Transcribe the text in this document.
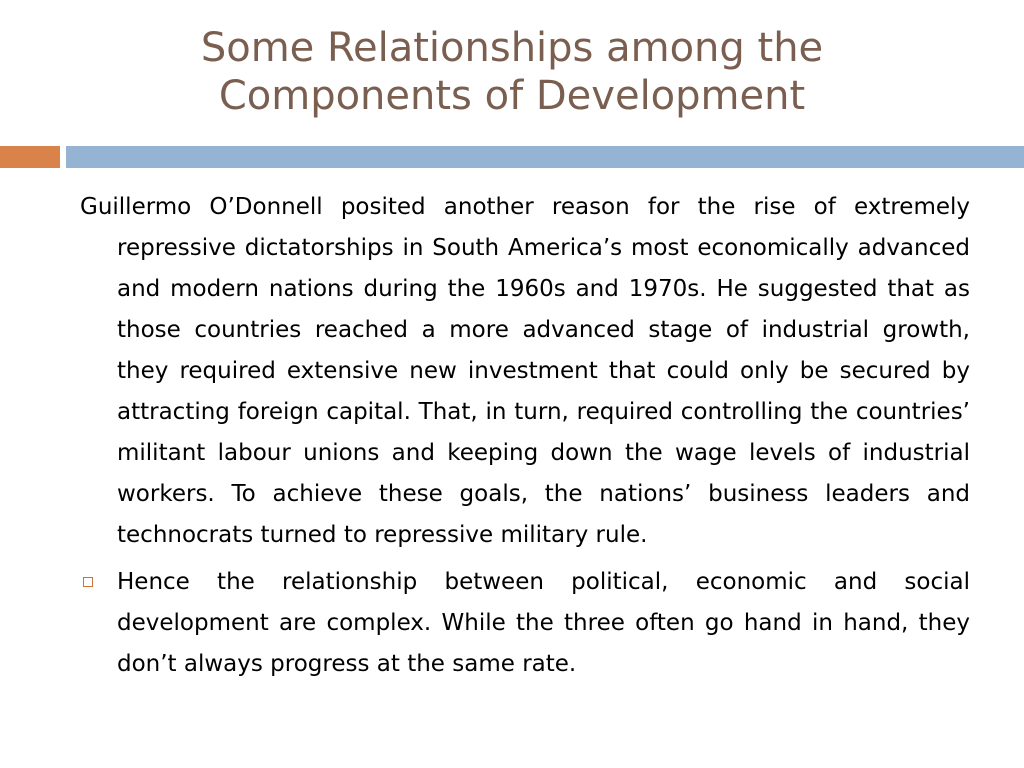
Some Relationships among the
Components of Development

Guillermo O’Donnell posited another reason for the rise of extremely repressive dictatorships in South America’s most economically advanced and modern nations during the 1960s and 1970s. He suggested that as those countries reached a more advanced stage of industrial growth, they required extensive new investment that could only be secured by attracting foreign capital. That, in turn, required controlling the countries’ militant labour unions and keeping down the wage levels of industrial workers. To achieve these goals, the nations’ business leaders and technocrats turned to repressive military rule.

Hence the relationship between political, economic and social development are complex. While the three often go hand in hand, they don’t always progress at the same rate.
